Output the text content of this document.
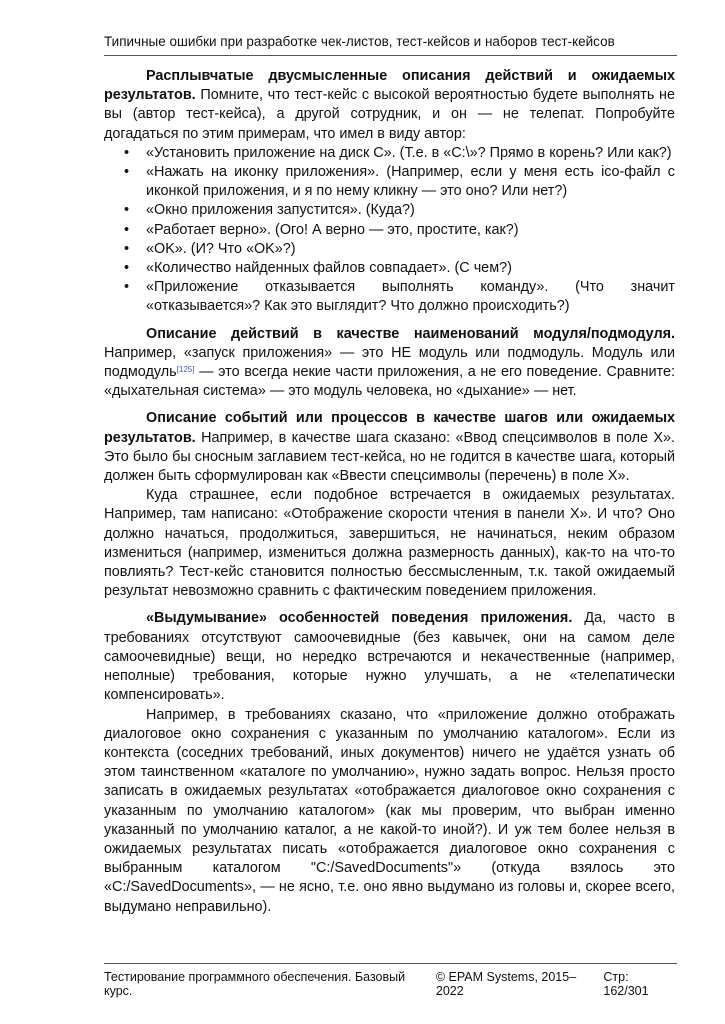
Типичные ошибки при разработке чек-листов, тест-кейсов и наборов тест-кейсов

Расплывчатые двусмысленные описания действий и ожидаемых результатов. Помните, что тест-кейс с высокой вероятностью будете выполнять не вы (автор тест-кейса), а другой сотрудник, и он — не телепат. Попробуйте догадаться по этим примерам, что имел в виду автор:

• «Установить приложение на диск C». (Т.е. в «C:\»? Прямо в корень? Или как?)
• «Нажать на иконку приложения». (Например, если у меня есть ico-файл с иконкой приложения, и я по нему кликну — это оно? Или нет?)
• «Окно приложения запустится». (Куда?)
• «Работает верно». (Ого! А верно — это, простите, как?)
• «OK». (И? Что «OK»?)
• «Количество найденных файлов совпадает». (С чем?)
• «Приложение отказывается выполнять команду». (Что значит «отказывается»? Как это выглядит? Что должно происходить?)

Описание действий в качестве наименований модуля/подмодуля. Например, «запуск приложения» — это НЕ модуль или подмодуль. Модуль или подмодуль[125] — это всегда некие части приложения, а не его поведение. Сравните: «дыхательная система» — это модуль человека, но «дыхание» — нет.

Описание событий или процессов в качестве шагов или ожидаемых результатов. Например, в качестве шага сказано: «Ввод спецсимволов в поле X». Это было бы сносным заглавием тест-кейса, но не годится в качестве шага, который должен быть сформулирован как «Ввести спецсимволы (перечень) в поле X».

Куда страшнее, если подобное встречается в ожидаемых результатах. Например, там написано: «Отображение скорости чтения в панели X». И что? Оно должно начаться, продолжиться, завершиться, не начинаться, неким образом измениться (например, измениться должна размерность данных), как-то на что-то повлиять? Тест-кейс становится полностью бессмысленным, т.к. такой ожидаемый результат невозможно сравнить с фактическим поведением приложения.

«Выдумывание» особенностей поведения приложения. Да, часто в требованиях отсутствуют самоочевидные (без кавычек, они на самом деле самоочевидные) вещи, но нередко встречаются и некачественные (например, неполные) требования, которые нужно улучшать, а не «телепатически компенсировать».

Например, в требованиях сказано, что «приложение должно отображать диалоговое окно сохранения с указанным по умолчанию каталогом». Если из контекста (соседних требований, иных документов) ничего не удаётся узнать об этом таинственном «каталоге по умолчанию», нужно задать вопрос. Нельзя просто записать в ожидаемых результатах «отображается диалоговое окно сохранения с указанным по умолчанию каталогом» (как мы проверим, что выбран именно указанный по умолчанию каталог, а не какой-то иной?). И уж тем более нельзя в ожидаемых результатах писать «отображается диалоговое окно сохранения с выбранным каталогом "C:/SavedDocuments"» (откуда взялось это «C:/SavedDocuments», — не ясно, т.е. оно явно выдумано из головы и, скорее всего, выдумано неправильно).

Тестирование программного обеспечения. Базовый курс.
© EPAM Systems, 2015–2022
Стр: 162/301
